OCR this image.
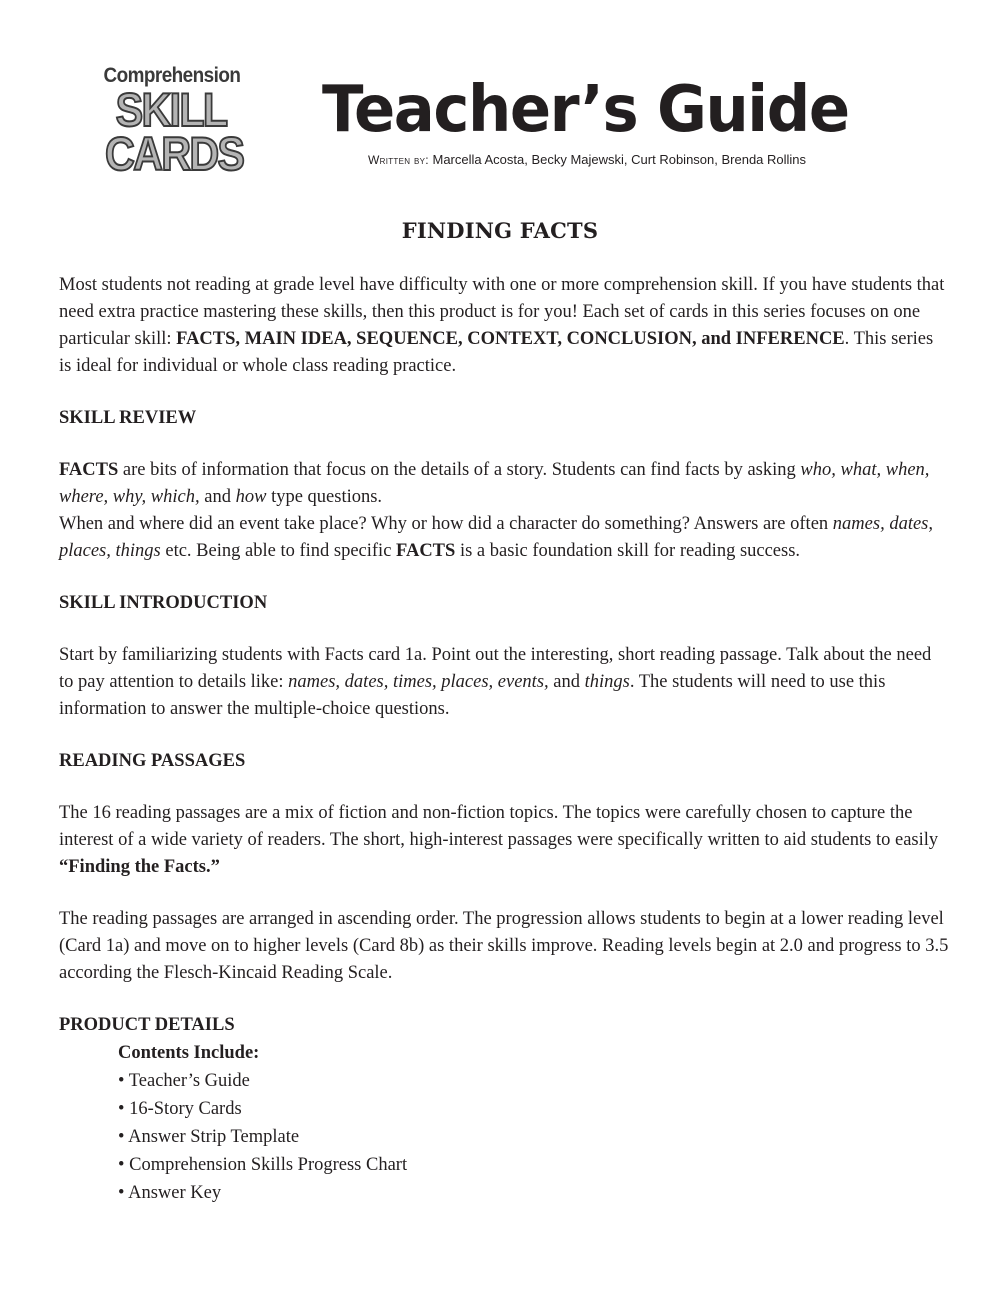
Comprehension
SKILL
CARDS
Teacher’s Guide
Written by: Marcella Acosta, Becky Majewski, Curt Robinson, Brenda Rollins
FINDING FACTS

Most students not reading at grade level have difficulty with one or more comprehension skill. If you have students that need extra practice mastering these skills, then this product is for you! Each set of cards in this series focuses on one particular skill: FACTS, MAIN IDEA, SEQUENCE, CONTEXT, CONCLUSION, and INFERENCE. This series is ideal for individual or whole class reading practice.

SKILL REVIEW

FACTS are bits of information that focus on the details of a story. Students can find facts by asking who, what, when, where, why, which, and how type questions.

When and where did an event take place? Why or how did a character do something? Answers are often names, dates, places, things etc. Being able to find specific FACTS is a basic foundation skill for reading success.

SKILL INTRODUCTION

Start by familiarizing students with Facts card 1a. Point out the interesting, short reading passage. Talk about the need to pay attention to details like: names, dates, times, places, events, and things. The students will need to use this information to answer the multiple-choice questions.

READING PASSAGES

The 16 reading passages are a mix of fiction and non-fiction topics. The topics were carefully chosen to capture the interest of a wide variety of readers. The short, high-interest passages were specifically written to aid students to easily “Finding the Facts.”

The reading passages are arranged in ascending order. The progression allows students to begin at a lower reading level (Card 1a) and move on to higher levels (Card 8b) as their skills improve. Reading levels begin at 2.0 and progress to 3.5 according the Flesch-Kincaid Reading Scale.

PRODUCT DETAILS

Contents Include:
• Teacher’s Guide
• 16-Story Cards
• Answer Strip Template
• Comprehension Skills Progress Chart
• Answer Key
